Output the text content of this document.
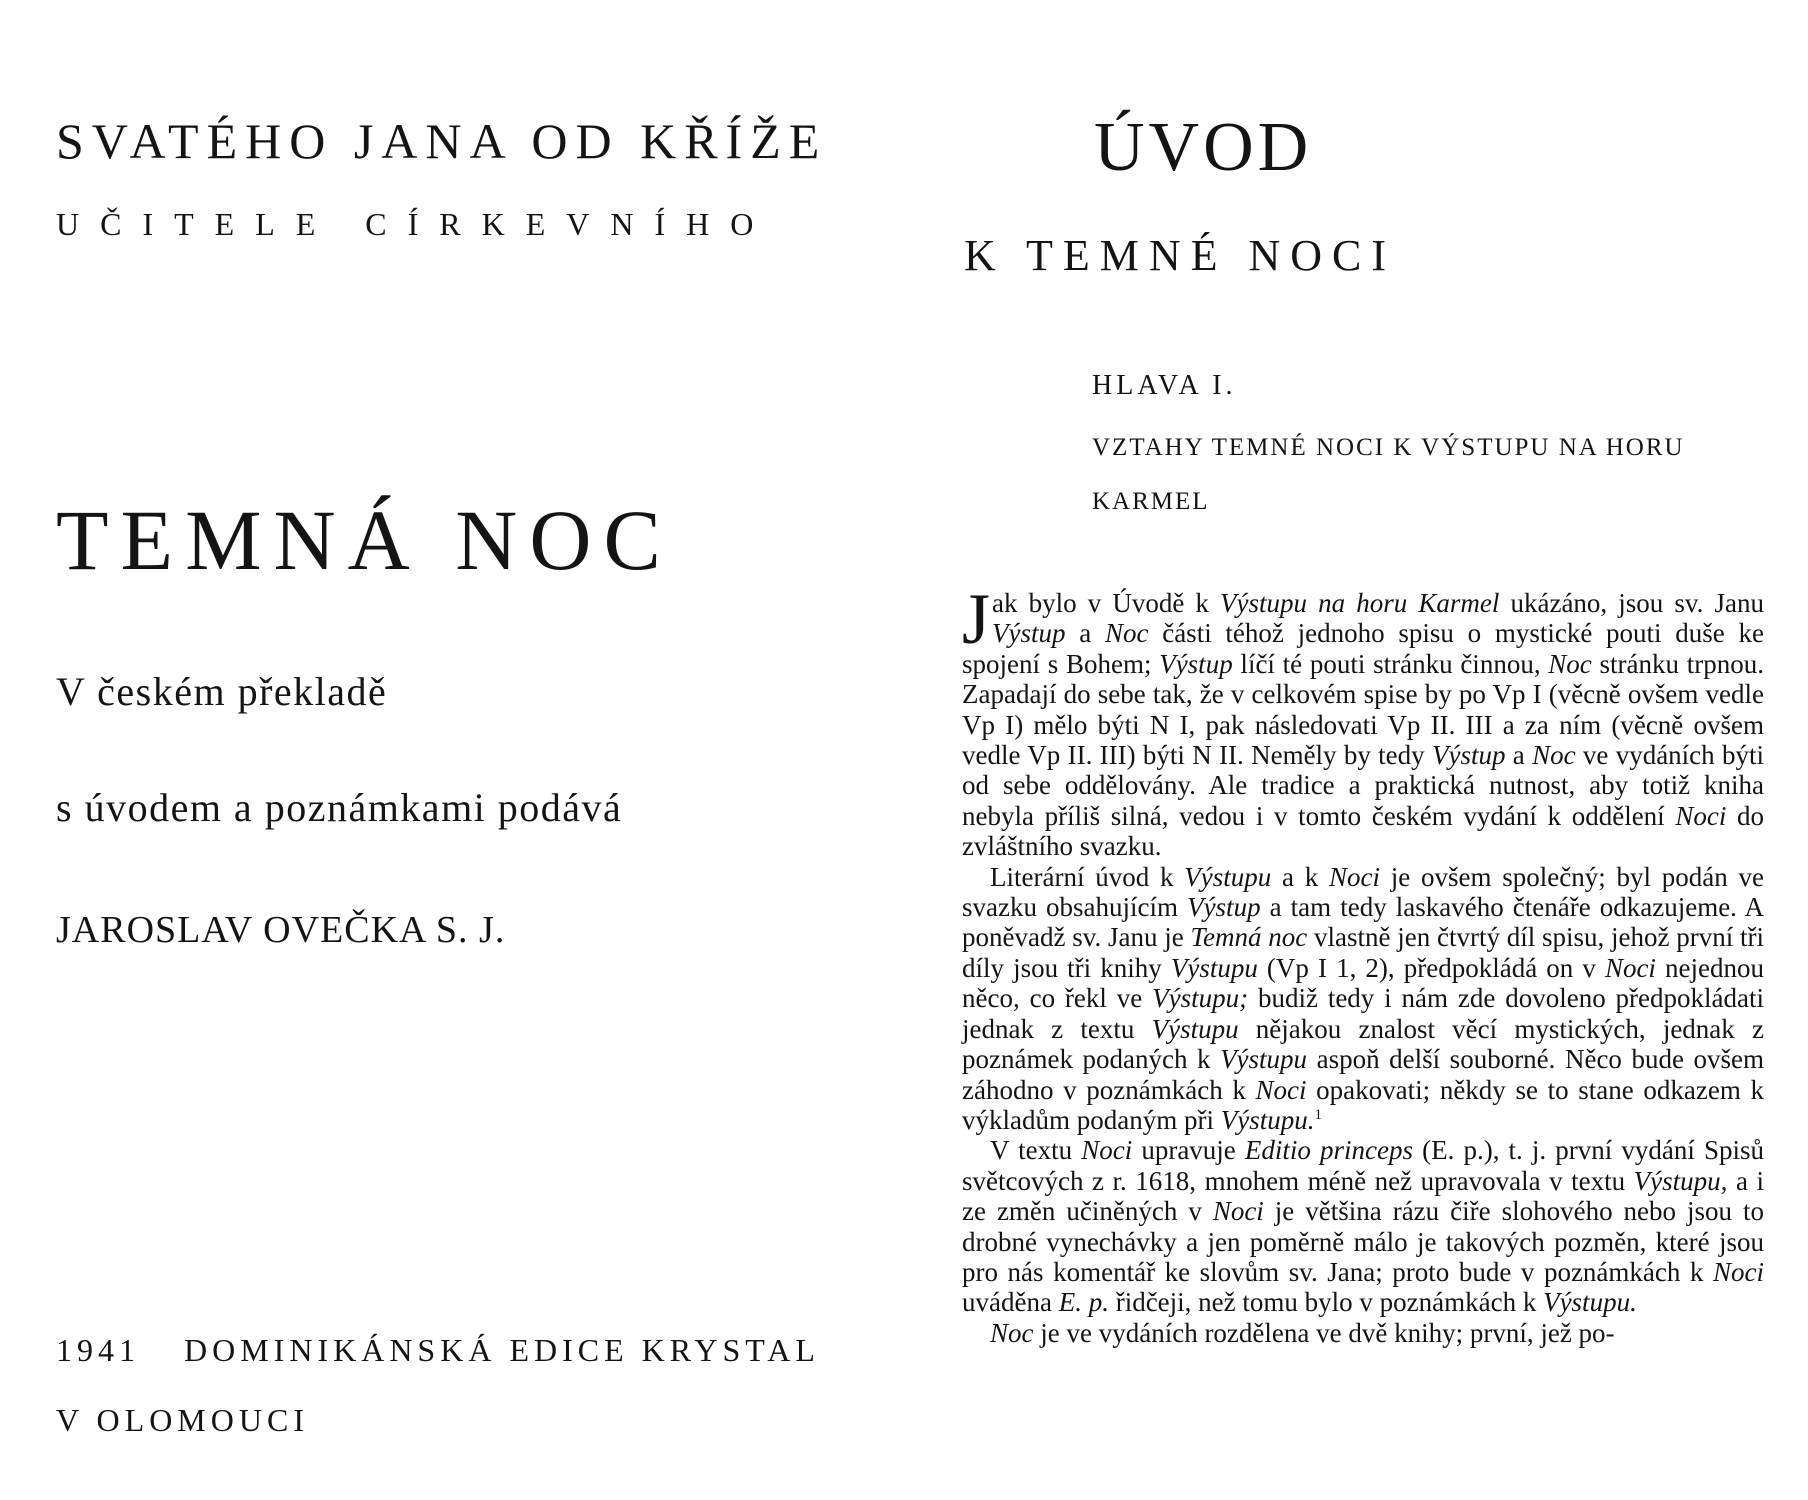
SVATÉHO JANA OD KŘÍŽE
UČITELE CÍRKEVNÍHO
TEMNÁ NOC
V českém překladě
s úvodem a poznámkami podává
JAROSLAV OVEČKA S. J.
1941 DOMINIKÁNSKÁ EDICE KRYSTAL
V OLOMOUCI
ÚVOD
K TEMNÉ NOCI
HLAVA I.
VZTAHY TEMNÉ NOCI K VÝSTUPU NA HORU
KARMEL

Jak bylo v Úvodě k Výstupu na horu Karmel ukázáno, jsou sv. Janu Výstup a Noc části téhož jednoho spisu o mystické pouti duše ke spojení s Bohem; Výstup líčí té pouti stránku činnou, Noc stránku trpnou. Zapadají do sebe tak, že v celkovém spise by po Vp I (věcně ovšem vedle Vp I) mělo býti N I, pak následovati Vp II. III a za ním (věcně ovšem vedle Vp II. III) býti N II. Neměly by tedy Výstup a Noc ve vydáních býti od sebe oddělovány. Ale tradice a praktická nutnost, aby totiž kniha nebyla příliš silná, vedou i v tomto českém vydání k oddělení Noci do zvláštního svazku.

Literární úvod k Výstupu a k Noci je ovšem společný; byl podán ve svazku obsahujícím Výstup a tam tedy laskavého čtenáře odkazujeme. A poněvadž sv. Janu je Temná noc vlastně jen čtvrtý díl spisu, jehož první tři díly jsou tři knihy Výstupu (Vp I 1, 2), předpokládá on v Noci nejednou něco, co řekl ve Výstupu; budiž tedy i nám zde dovoleno předpokládati jednak z textu Výstupu nějakou znalost věcí mystických, jednak z poznámek podaných k Výstupu aspoň delší souborné. Něco bude ovšem záhodno v poznámkách k Noci opakovati; někdy se to stane odkazem k výkladům podaným při Výstupu.$^1$

V textu Noci upravuje Editio princeps (E. p.), t. j. první vydání Spisů světcových z r. 1618, mnohem méně než upravovala v textu Výstupu, a i ze změn učiněných v Noci je většina rázu čiře slohového nebo jsou to drobné vynechávky a jen poměrně málo je takových pozměn, které jsou pro nás komentář ke slovům sv. Jana; proto bude v poznámkách k Noci uváděna E. p. řidčeji, než tomu bylo v poznámkách k Výstupu.

Noc je ve vydáních rozdělena ve dvě knihy; první, jež po-
